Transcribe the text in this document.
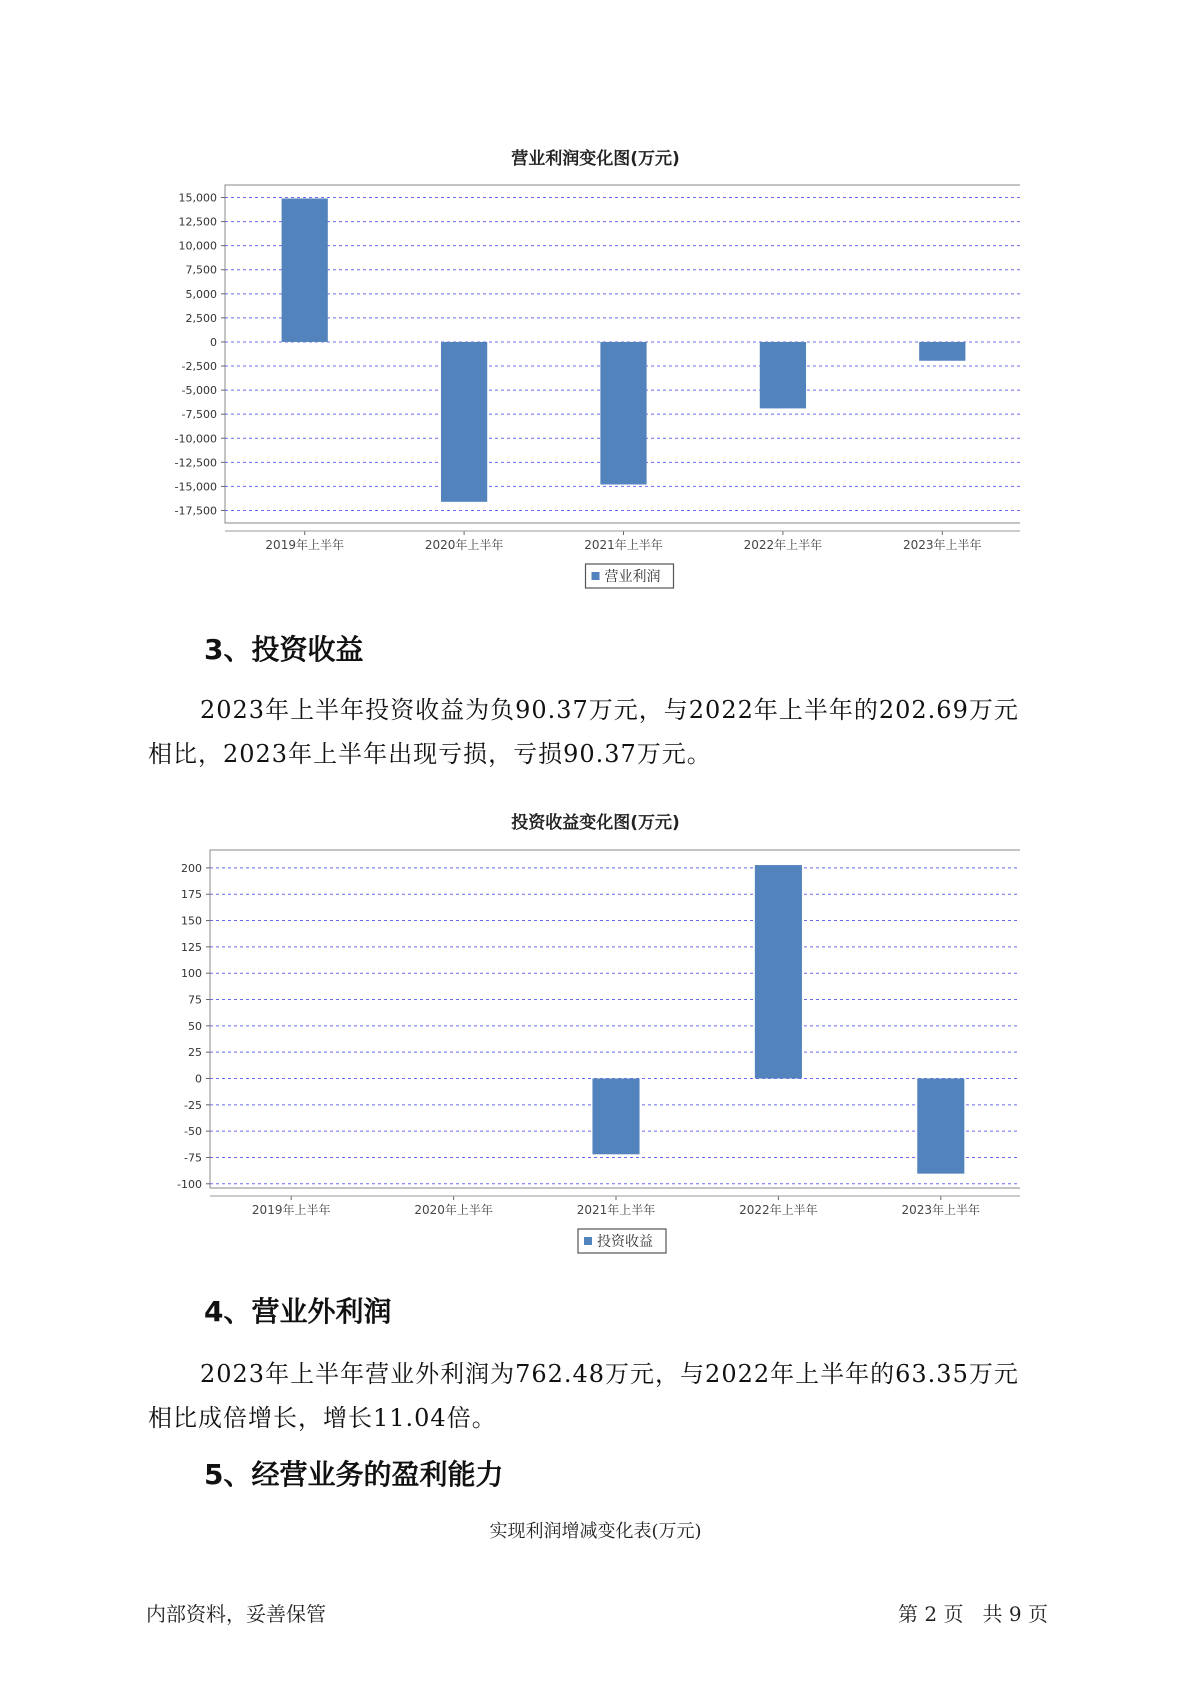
营业利润变化图(万元)
15,000
12,500
10,000
7,500
5,000
2,500
0
-2,500
-5,000
-7,500
-10,000
-12,500
-15,000
-17,500
2019年上半年	2020年上半年	2021年上半年	2022年上半年	2023年上半年
营业利润
3、投资收益
2023年上半年投资收益为负90.37万元，与2022年上半年的202.69万元
相比，2023年上半年出现亏损，亏损90.37万元。
投资收益变化图(万元)
200
175
150
125
100
75
50
25
0
-25
-50
-75
-100
2019年上半年	2020年上半年	2021年上半年	2022年上半年	2023年上半年
投资收益
4、营业外利润
2023年上半年营业外利润为762.48万元，与2022年上半年的63.35万元
相比成倍增长，增长11.04倍。
5、经营业务的盈利能力
实现利润增减变化表(万元)
内部资料，妥善保管	第 2 页   共 9 页
